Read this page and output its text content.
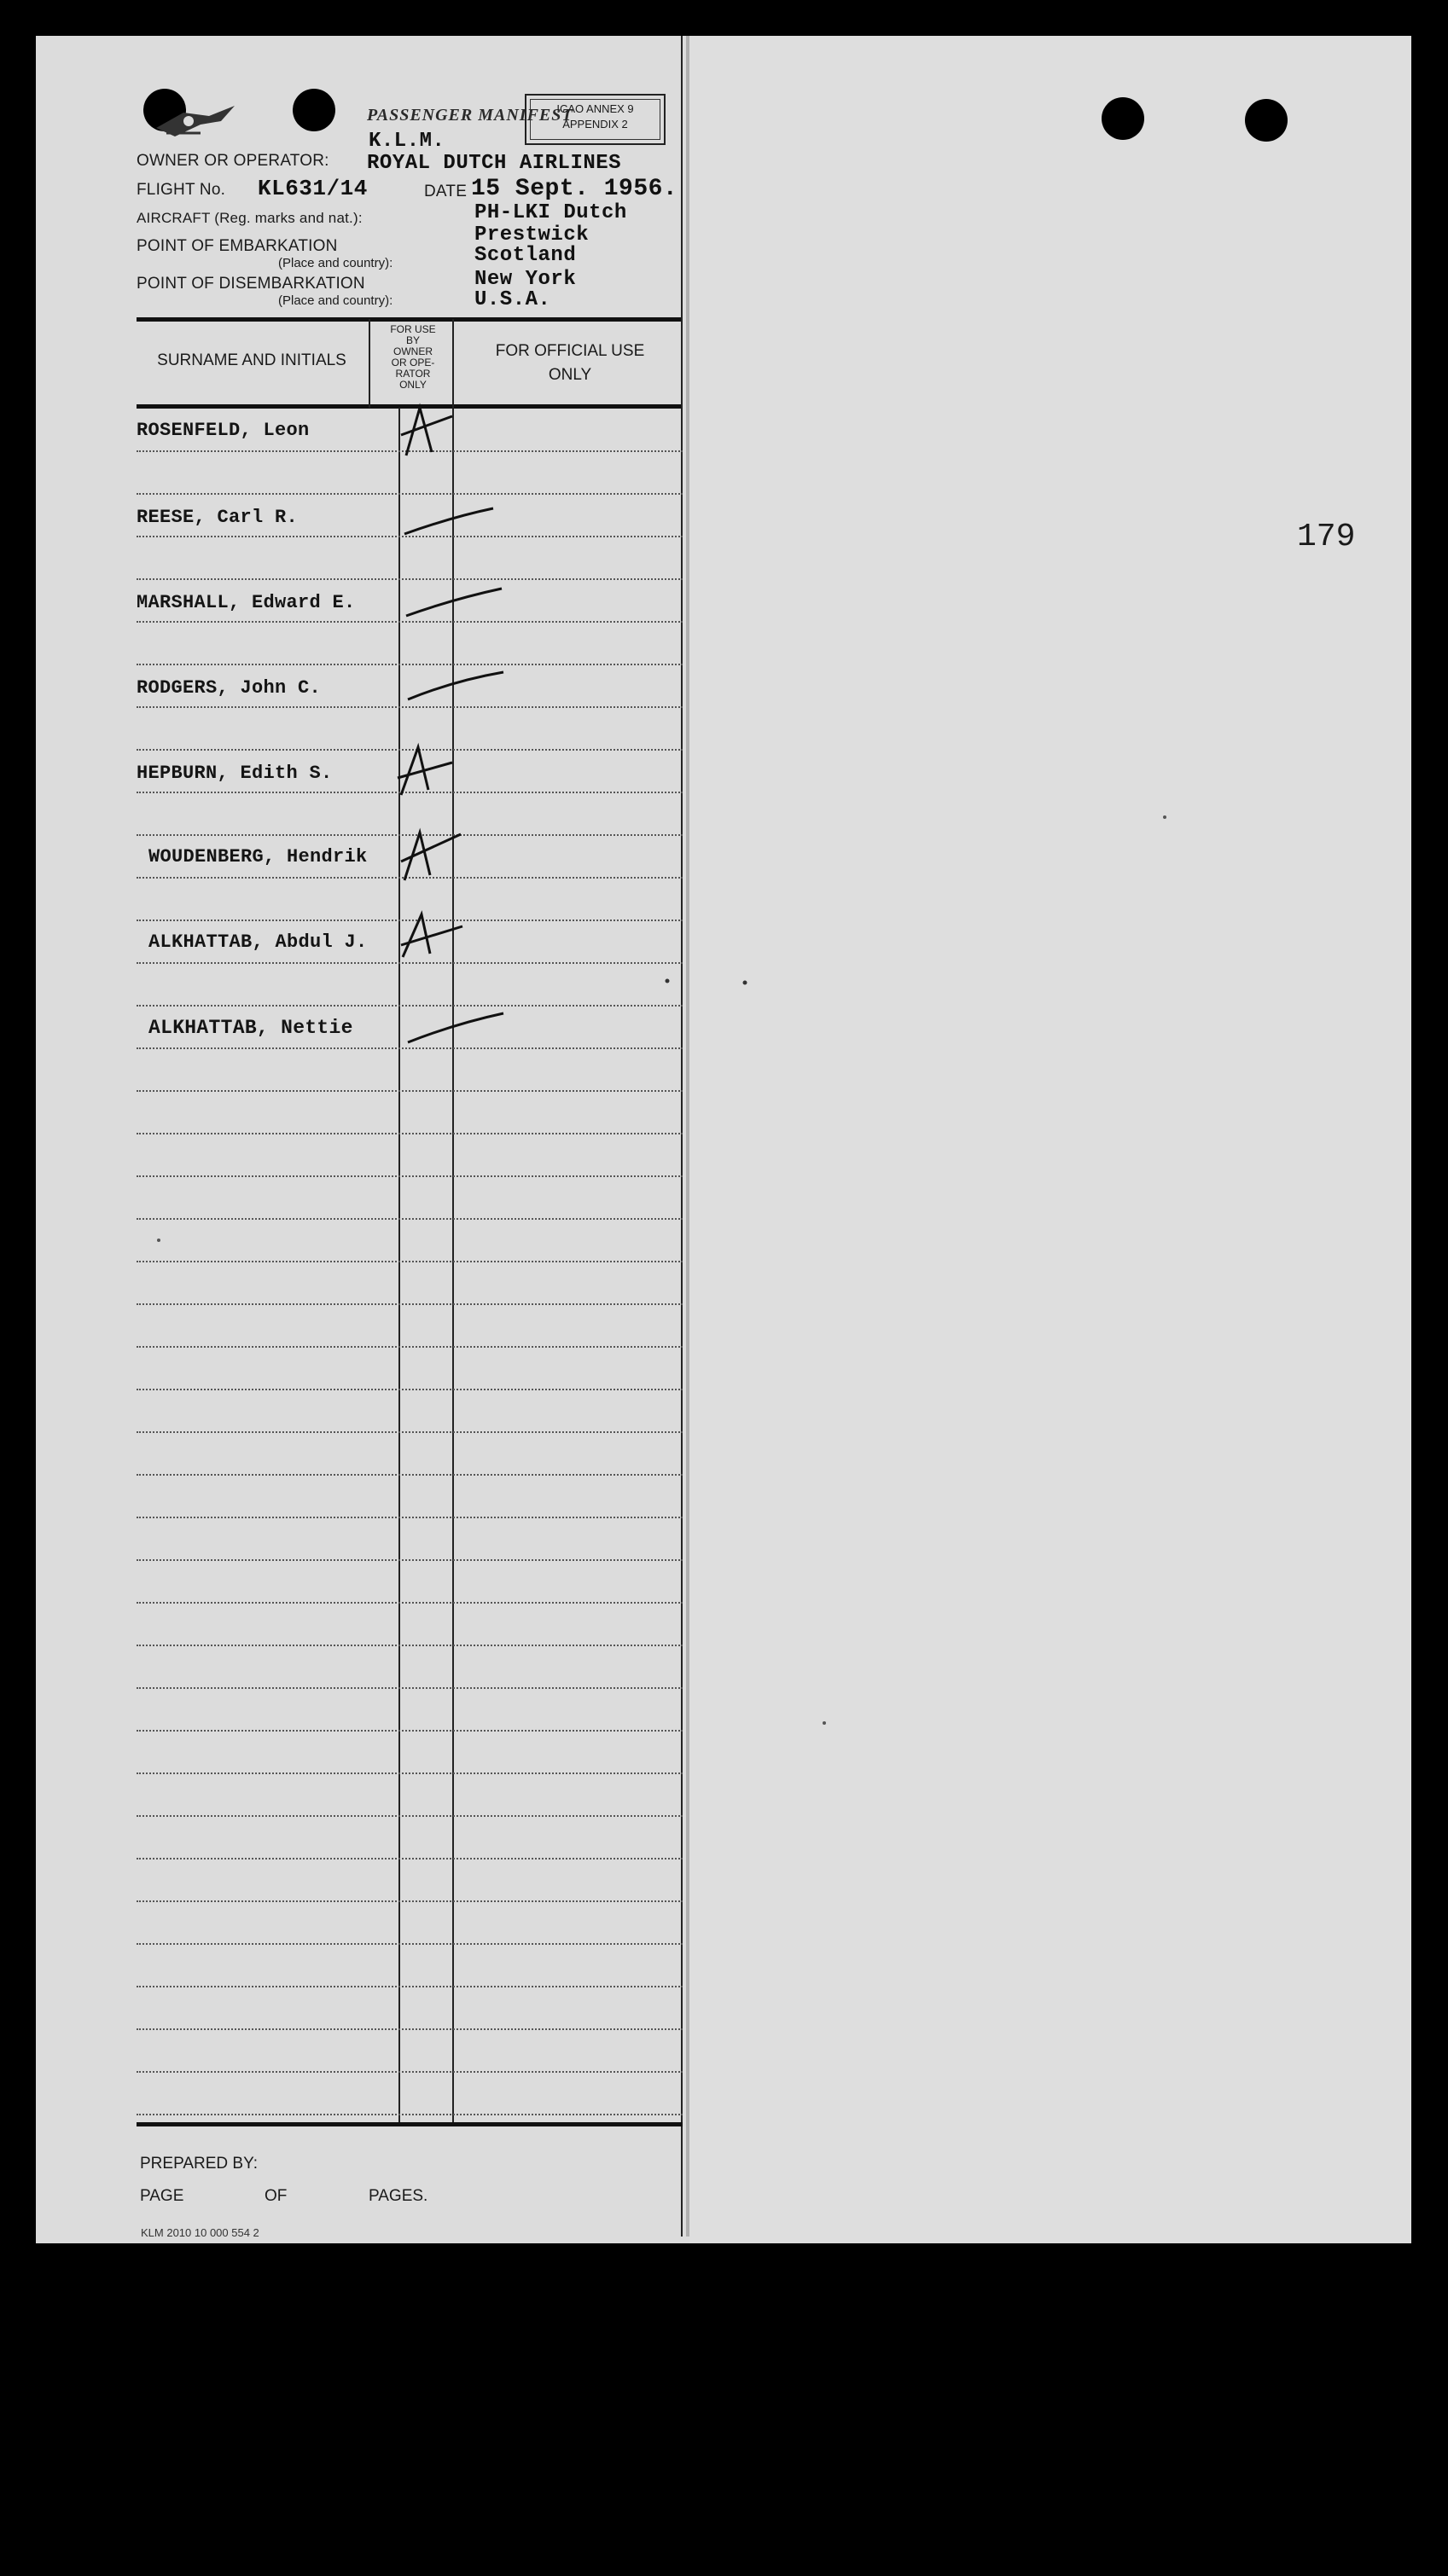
PASSENGER MANIFEST
ICAO ANNEX 9
APPENDIX 2
K.L.M.
OWNER OR OPERATOR: ROYAL DUTCH AIRLINES
FLIGHT No. KL631/14	DATE 15 Sept. 1956.
AIRCRAFT (Reg. marks and nat.):	PH-LKI Dutch
POINT OF EMBARKATION	Prestwick
(Place and country):	Scotland
POINT OF DISEMBARKATION	New York
(Place and country):	U.S.A.
SURNAME AND INITIALS
FOR USE
BY
OWNER
OR OPE-
RATOR
ONLY
FOR OFFICIAL USE
ONLY
ROSENFELD, Leon
REESE, Carl R.
MARSHALL, Edward E.
RODGERS, John C.
HEPBURN, Edith S.
WOUDENBERG, Hendrik
ALKHATTAB, Abdul J.
ALKHATTAB, Nettie
PREPARED BY:
PAGE	OF	PAGES.
KLM 2010 10 000 554 2
179
